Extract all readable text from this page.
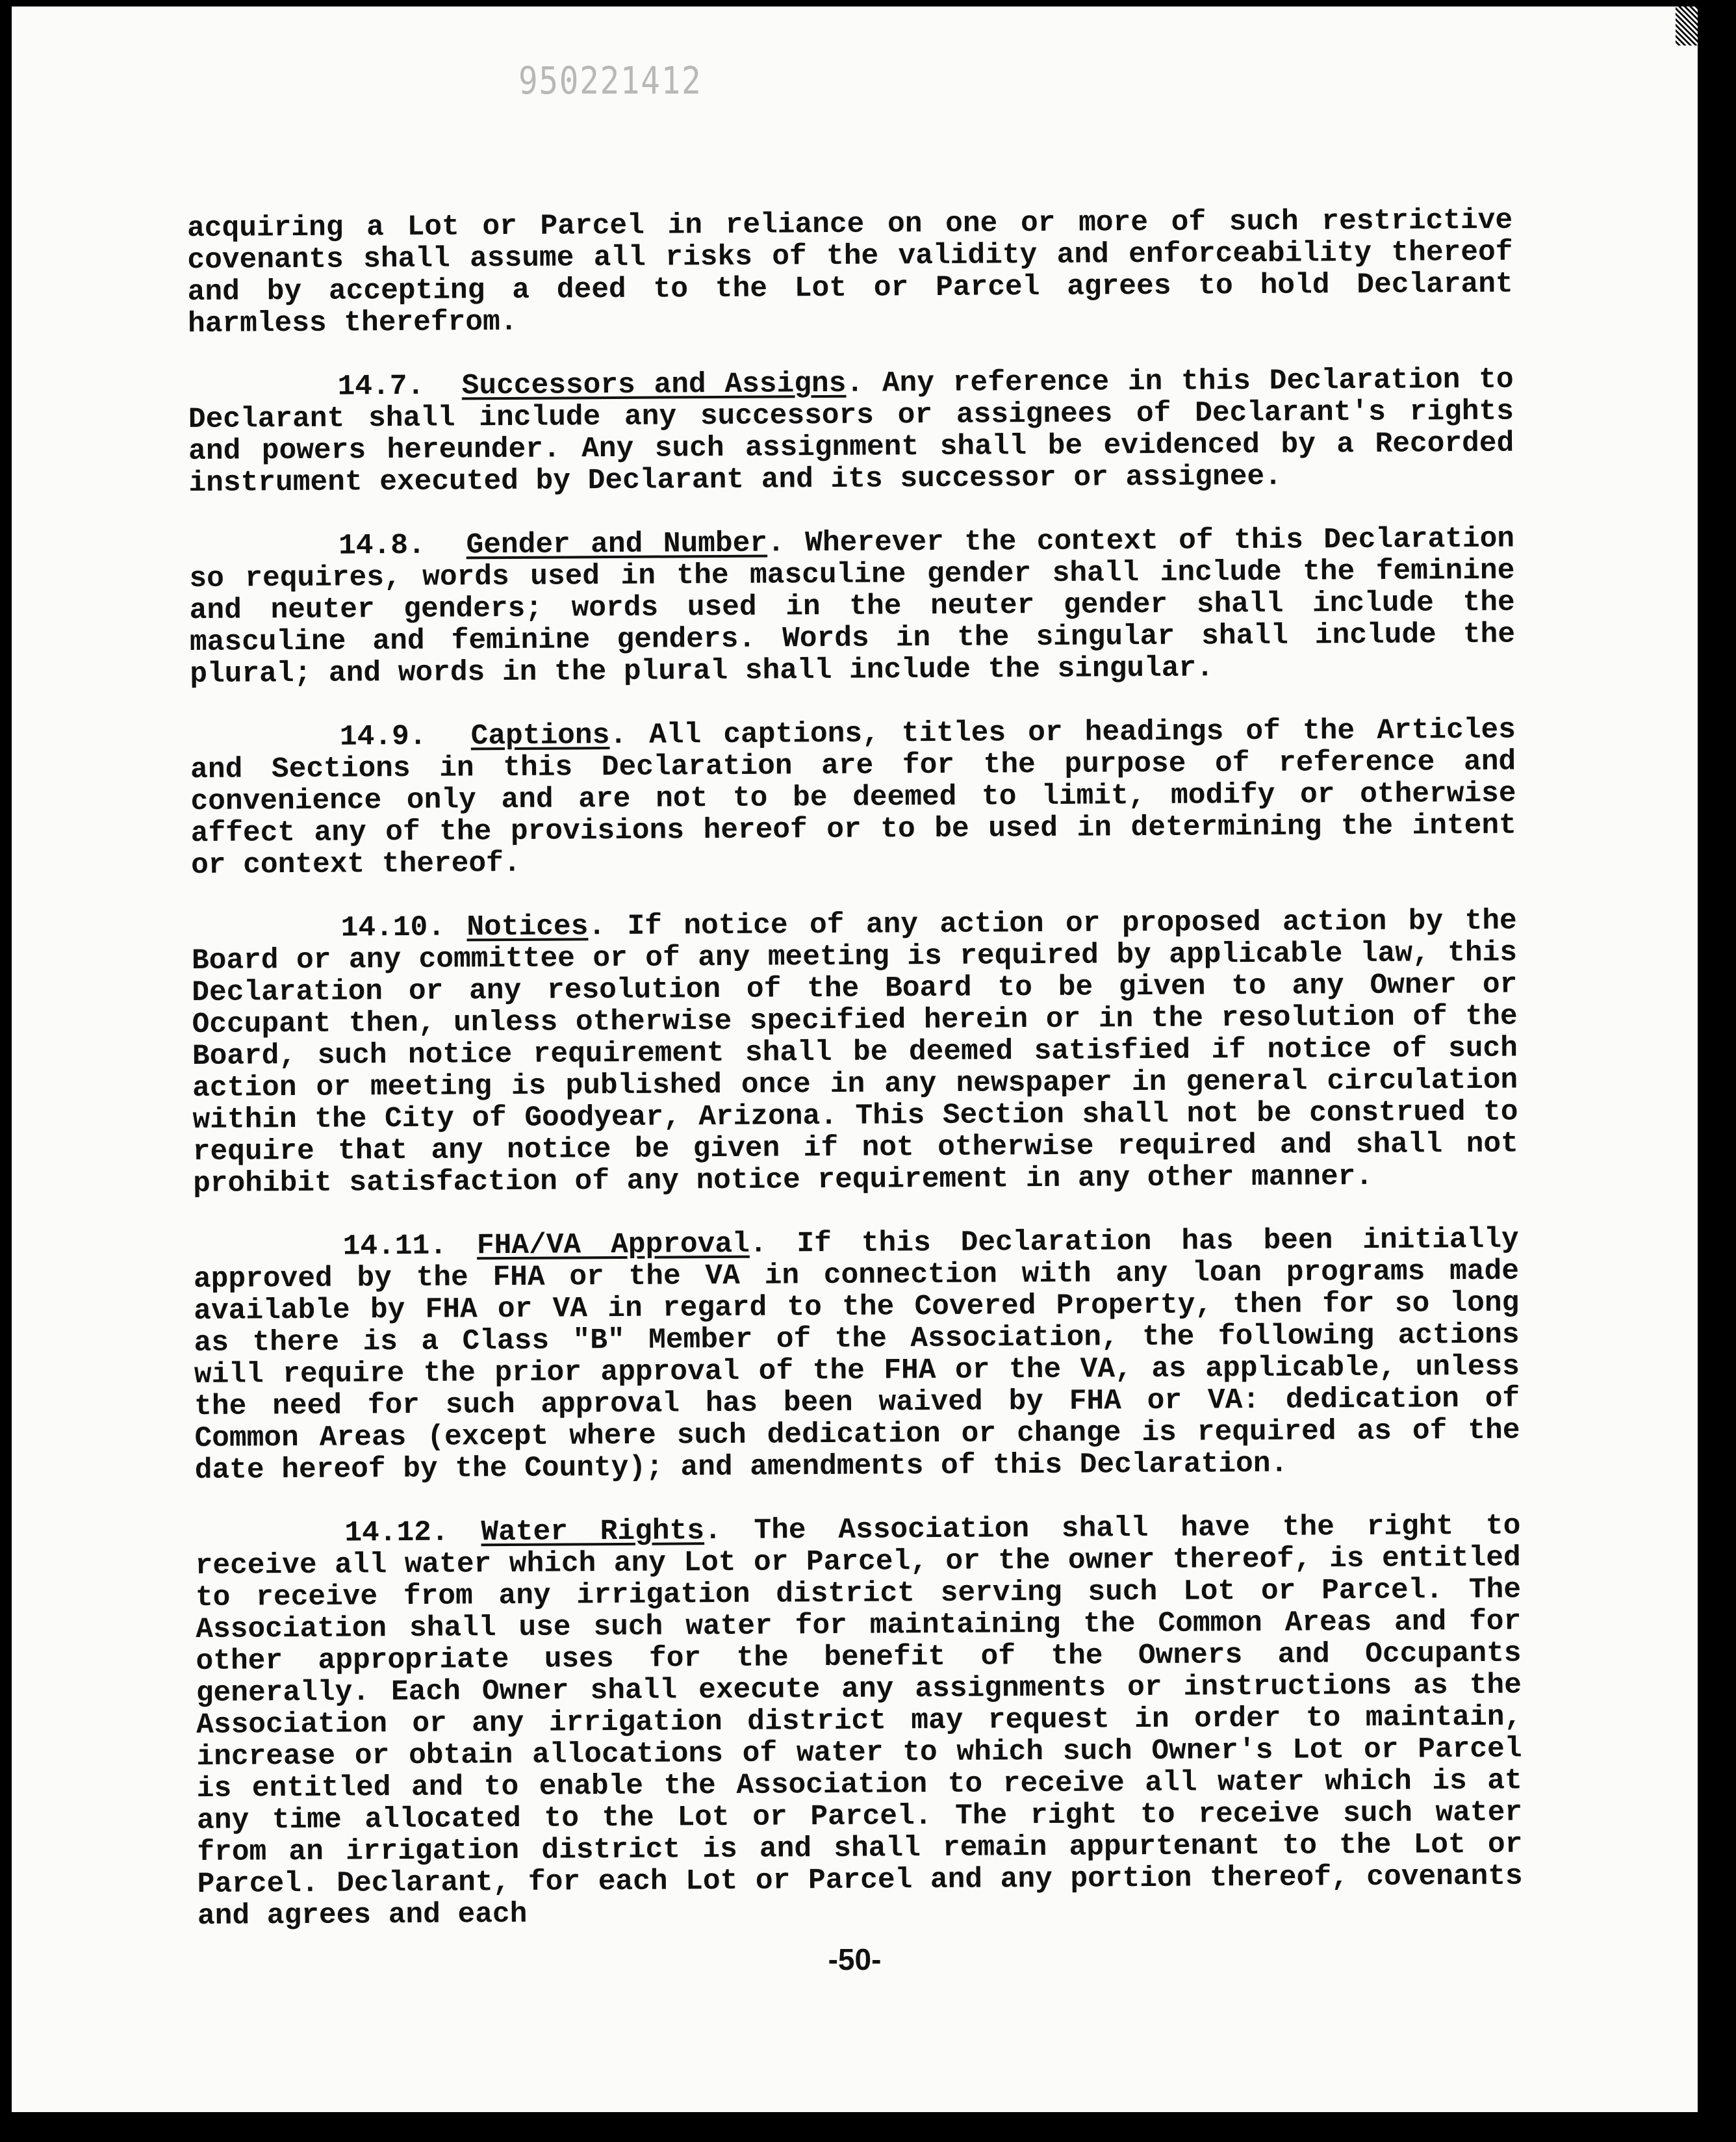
950221412

acquiring a Lot or Parcel in reliance on one or more of such restrictive covenants shall assume all risks of the validity and enforceability thereof and by accepting a deed to the Lot or Parcel agrees to hold Declarant harmless therefrom.

14.7. Successors and Assigns. Any reference in this Declaration to Declarant shall include any successors or assignees of Declarant's rights and powers hereunder. Any such assignment shall be evidenced by a Recorded instrument executed by Declarant and its successor or assignee.

14.8. Gender and Number. Wherever the context of this Declaration so requires, words used in the masculine gender shall include the feminine and neuter genders; words used in the neuter gender shall include the masculine and feminine genders. Words in the singular shall include the plural; and words in the plural shall include the singular.

14.9. Captions. All captions, titles or headings of the Articles and Sections in this Declaration are for the purpose of reference and convenience only and are not to be deemed to limit, modify or otherwise affect any of the provisions hereof or to be used in determining the intent or context thereof.

14.10. Notices. If notice of any action or proposed action by the Board or any committee or of any meeting is required by applicable law, this Declaration or any resolution of the Board to be given to any Owner or Occupant then, unless otherwise specified herein or in the resolution of the Board, such notice requirement shall be deemed satisfied if notice of such action or meeting is published once in any newspaper in general circulation within the City of Goodyear, Arizona. This Section shall not be construed to require that any notice be given if not otherwise required and shall not prohibit satisfaction of any notice requirement in any other manner.

14.11. FHA/VA Approval. If this Declaration has been initially approved by the FHA or the VA in connection with any loan programs made available by FHA or VA in regard to the Covered Property, then for so long as there is a Class "B" Member of the Association, the following actions will require the prior approval of the FHA or the VA, as applicable, unless the need for such approval has been waived by FHA or VA: dedication of Common Areas (except where such dedication or change is required as of the date hereof by the County); and amendments of this Declaration.

14.12. Water Rights. The Association shall have the right to receive all water which any Lot or Parcel, or the owner thereof, is entitled to receive from any irrigation district serving such Lot or Parcel. The Association shall use such water for maintaining the Common Areas and for other appropriate uses for the benefit of the Owners and Occupants generally. Each Owner shall execute any assignments or instructions as the Association or any irrigation district may request in order to maintain, increase or obtain allocations of water to which such Owner's Lot or Parcel is entitled and to enable the Association to receive all water which is at any time allocated to the Lot or Parcel. The right to receive such water from an irrigation district is and shall remain appurtenant to the Lot or Parcel. Declarant, for each Lot or Parcel and any portion thereof, covenants and agrees and each

-50-
